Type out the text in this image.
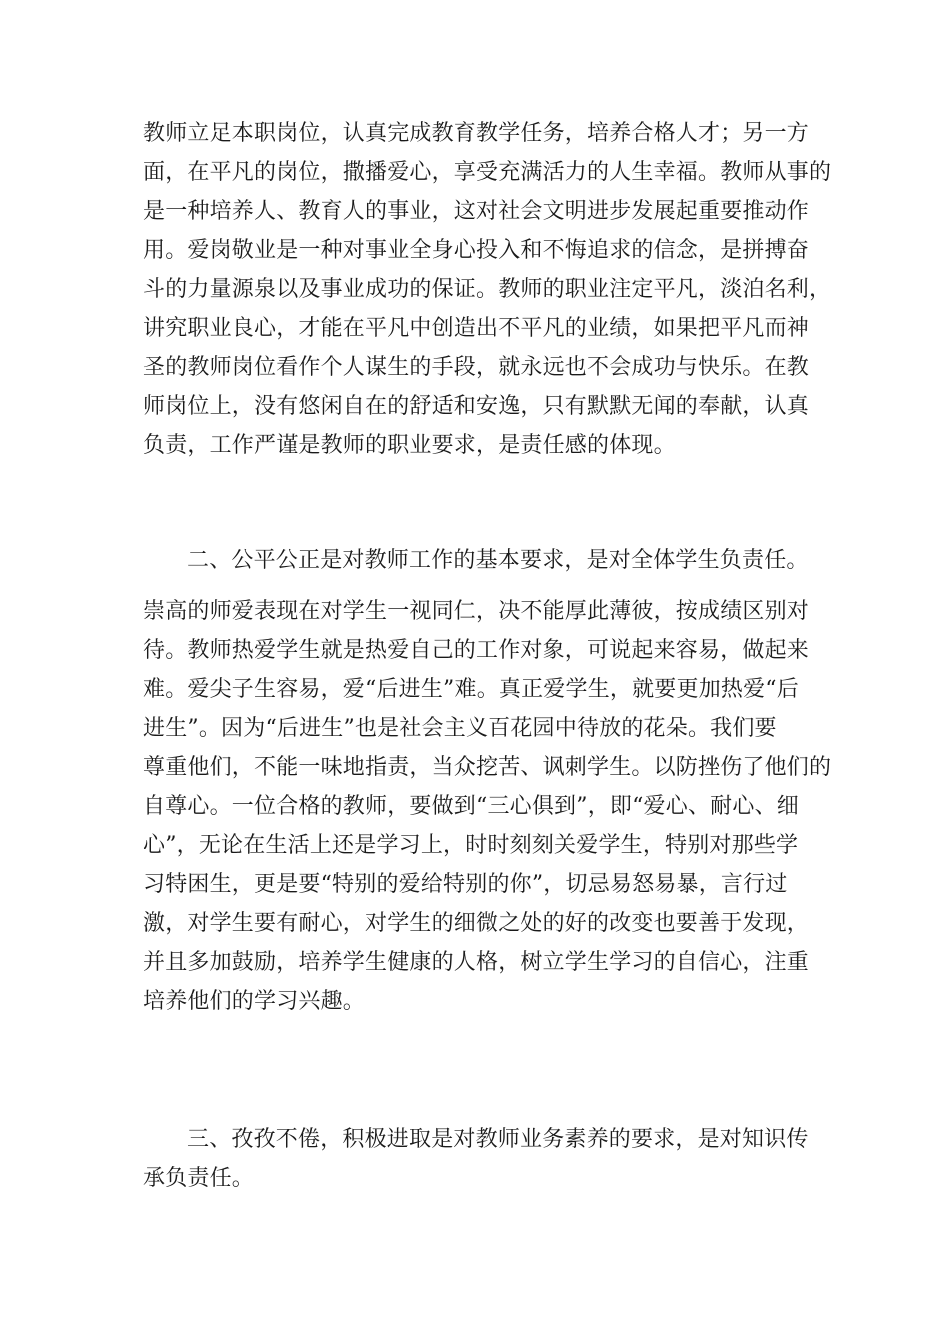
教师立足本职岗位，认真完成教育教学任务，培养合格人才；另一方
面，在平凡的岗位，撒播爱心，享受充满活力的人生幸福。教师从事的
是一种培养人、教育人的事业，这对社会文明进步发展起重要推动作
用。爱岗敬业是一种对事业全身心投入和不悔追求的信念，是拼搏奋
斗的力量源泉以及事业成功的保证。教师的职业注定平凡，淡泊名利，
讲究职业良心，才能在平凡中创造出不平凡的业绩，如果把平凡而神
圣的教师岗位看作个人谋生的手段，就永远也不会成功与快乐。在教
师岗位上，没有悠闲自在的舒适和安逸，只有默默无闻的奉献，认真
负责，工作严谨是教师的职业要求，是责任感的体现。
二、公平公正是对教师工作的基本要求，是对全体学生负责任。
崇高的师爱表现在对学生一视同仁，决不能厚此薄彼，按成绩区别对
待。教师热爱学生就是热爱自己的工作对象，可说起来容易，做起来
难。爱尖子生容易，爱“后进生”难。真正爱学生，就要更加热爱“后
进生”。因为“后进生”也是社会主义百花园中待放的花朵。我们要
尊重他们，不能一味地指责，当众挖苦、讽刺学生。以防挫伤了他们的
自尊心。一位合格的教师，要做到“三心俱到”，即“爱心、耐心、细
心”，无论在生活上还是学习上，时时刻刻关爱学生，特别对那些学
习特困生，更是要“特别的爱给特别的你”，切忌易怒易暴，言行过
激，对学生要有耐心，对学生的细微之处的好的改变也要善于发现，
并且多加鼓励，培养学生健康的人格，树立学生学习的自信心，注重
培养他们的学习兴趣。
三、孜孜不倦，积极进取是对教师业务素养的要求，是对知识传
承负责任。
